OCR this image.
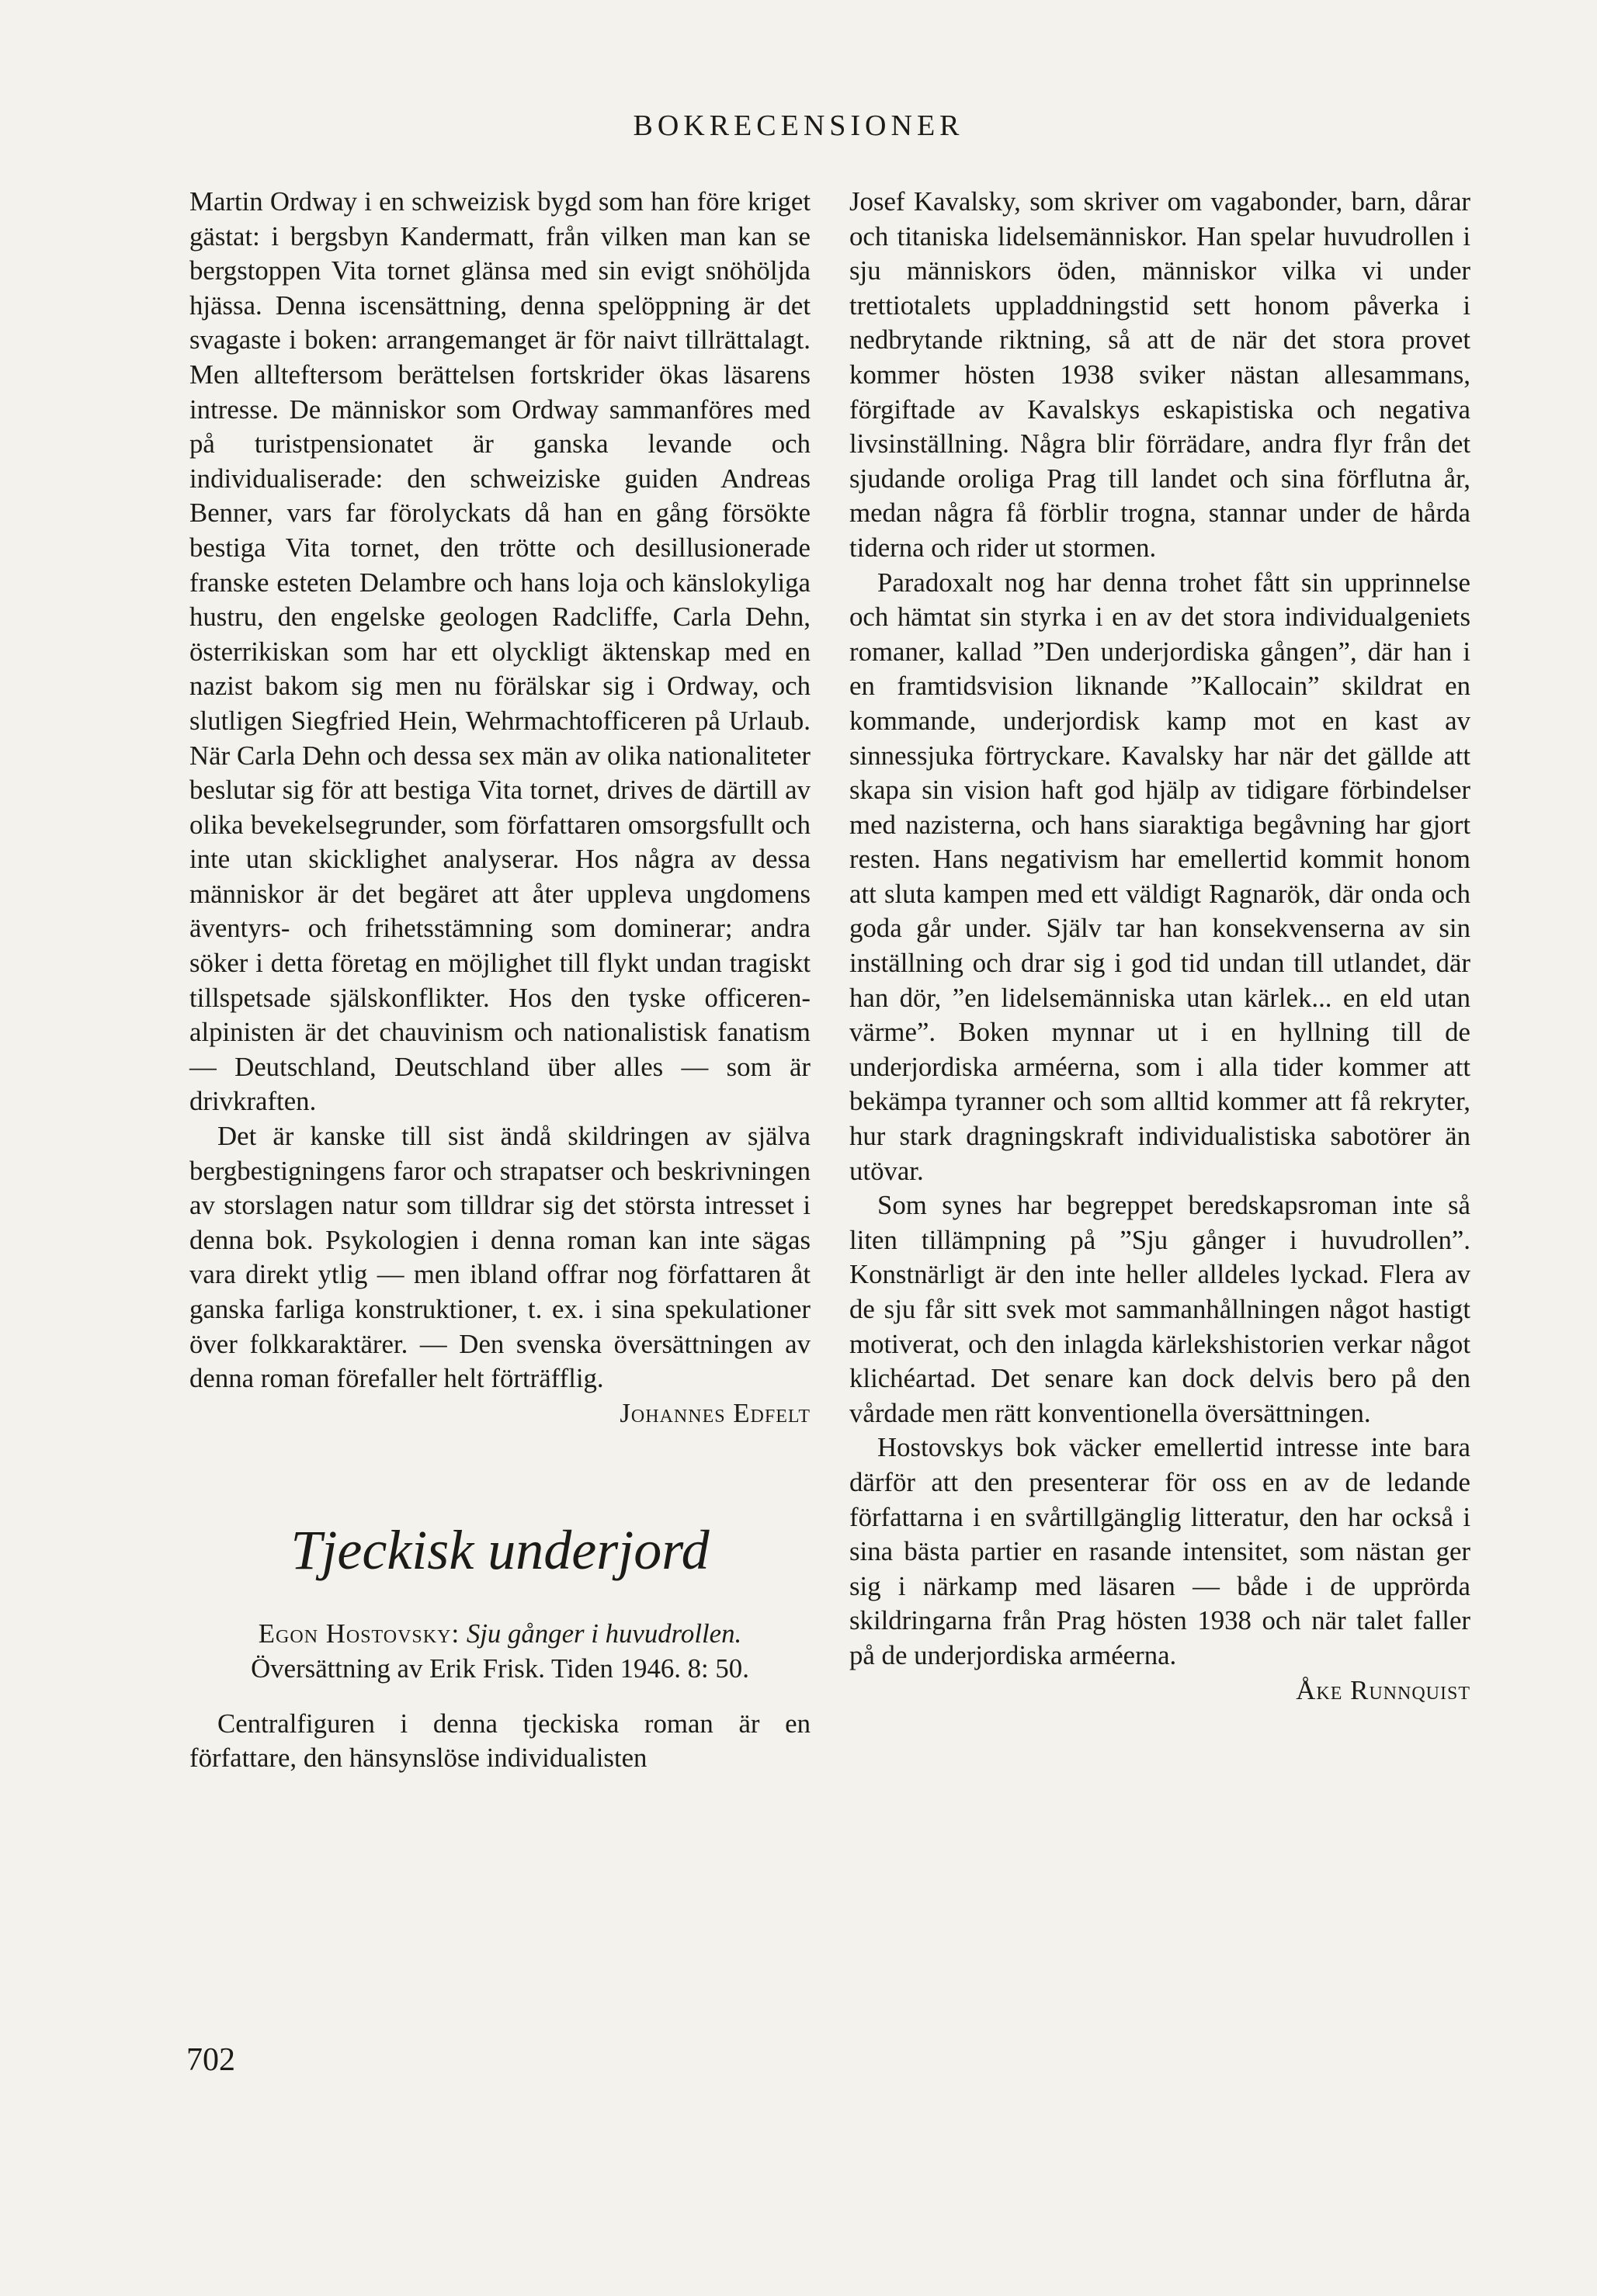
BOKRECENSIONER

Martin Ordway i en schweizisk bygd som han före kriget gästat: i bergsbyn Kandermatt, från vilken man kan se bergstoppen Vita tornet glänsa med sin evigt snöhöljda hjässa. Denna iscensättning, denna spelöppning är det svagaste i boken: arrangemanget är för naivt tillrättalagt. Men allteftersom berättelsen fortskrider ökas läsarens intresse. De människor som Ordway sammanföres med på turistpensionatet är ganska levande och individualiserade: den schweiziske guiden Andreas Benner, vars far förolyckats då han en gång försökte bestiga Vita tornet, den trötte och desillusionerade franske esteten Delambre och hans loja och känslokyliga hustru, den engelske geologen Radcliffe, Carla Dehn, österrikiskan som har ett olyckligt äktenskap med en nazist bakom sig men nu förälskar sig i Ordway, och slutligen Siegfried Hein, Wehrmachtofficeren på Urlaub. När Carla Dehn och dessa sex män av olika nationaliteter beslutar sig för att bestiga Vita tornet, drives de därtill av olika bevekelsegrunder, som författaren omsorgsfullt och inte utan skicklighet analyserar. Hos några av dessa människor är det begäret att åter uppleva ungdomens äventyrs- och frihetsstämning som dominerar; andra söker i detta företag en möjlighet till flykt undan tragiskt tillspetsade själskonflikter. Hos den tyske officeren-alpinisten är det chauvinism och nationalistisk fanatism — Deutschland, Deutschland über alles — som är drivkraften.

Det är kanske till sist ändå skildringen av själva bergbestigningens faror och strapatser och beskrivningen av storslagen natur som tilldrar sig det största intresset i denna bok. Psykologien i denna roman kan inte sägas vara direkt ytlig — men ibland offrar nog författaren åt ganska farliga konstruktioner, t. ex. i sina spekulationer över folkkaraktärer. — Den svenska översättningen av denna roman förefaller helt förträfflig.
Johannes Edfelt

Tjeckisk underjord
Egon Hostovsky: Sju gånger i huvudrollen.
Översättning av Erik Frisk. Tiden 1946. 8: 50.

Centralfiguren i denna tjeckiska roman är en författare, den hänsynslöse individualisten

Josef Kavalsky, som skriver om vagabonder, barn, dårar och titaniska lidelsemänniskor. Han spelar huvudrollen i sju människors öden, människor vilka vi under trettiotalets uppladdningstid sett honom påverka i nedbrytande riktning, så att de när det stora provet kommer hösten 1938 sviker nästan allesammans, förgiftade av Kavalskys eskapistiska och negativa livsinställning. Några blir förrädare, andra flyr från det sjudande oroliga Prag till landet och sina förflutna år, medan några få förblir trogna, stannar under de hårda tiderna och rider ut stormen.

Paradoxalt nog har denna trohet fått sin upprinnelse och hämtat sin styrka i en av det stora individualgeniets romaner, kallad ”Den underjordiska gången”, där han i en framtidsvision liknande ”Kallocain” skildrat en kommande, underjordisk kamp mot en kast av sinnessjuka förtryckare. Kavalsky har när det gällde att skapa sin vision haft god hjälp av tidigare förbindelser med nazisterna, och hans siaraktiga begåvning har gjort resten. Hans negativism har emellertid kommit honom att sluta kampen med ett väldigt Ragnarök, där onda och goda går under. Själv tar han konsekvenserna av sin inställning och drar sig i god tid undan till utlandet, där han dör, ”en lidelsemänniska utan kärlek... en eld utan värme”. Boken mynnar ut i en hyllning till de underjordiska arméerna, som i alla tider kommer att bekämpa tyranner och som alltid kommer att få rekryter, hur stark dragningskraft individualistiska sabotörer än utövar.

Som synes har begreppet beredskapsroman inte så liten tillämpning på ”Sju gånger i huvudrollen”. Konstnärligt är den inte heller alldeles lyckad. Flera av de sju får sitt svek mot sammanhållningen något hastigt motiverat, och den inlagda kärlekshistorien verkar något klichéartad. Det senare kan dock delvis bero på den vårdade men rätt konventionella översättningen.

Hostovskys bok väcker emellertid intresse inte bara därför att den presenterar för oss en av de ledande författarna i en svårtillgänglig litteratur, den har också i sina bästa partier en rasande intensitet, som nästan ger sig i närkamp med läsaren — både i de upprörda skildringarna från Prag hösten 1938 och när talet faller på de underjordiska arméerna.

Åke Runnquist
702
